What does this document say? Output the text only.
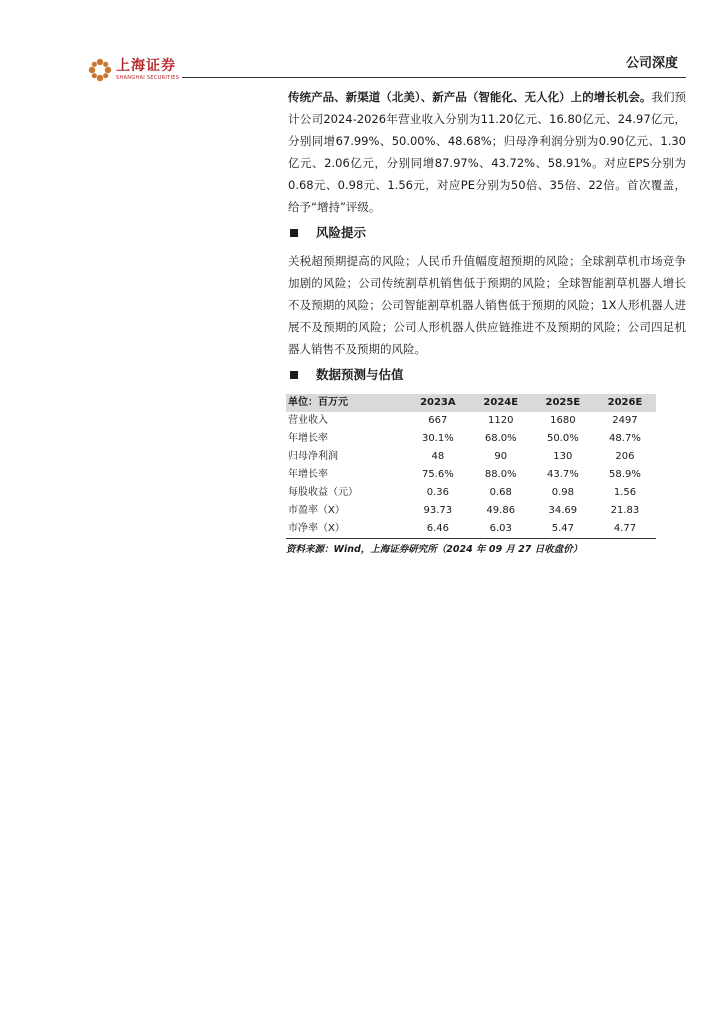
上海证券
SHANGHAI SECURITIES
公司深度

传统产品、新渠道（北美）、新产品（智能化、无人化）上的增长机会。我们预计公司2024-2026年营业收入分别为11.20亿元、16.80亿元、24.97亿元，分别同增67.99%、50.00%、48.68%；归母净利润分别为0.90亿元、1.30亿元、2.06亿元，分别同增87.97%、43.72%、58.91%。对应EPS分别为0.68元、0.98元、1.56元，对应PE分别为50倍、35倍、22倍。首次覆盖，给予“增持”评级。

风险提示

关税超预期提高的风险；人民币升值幅度超预期的风险；全球割草机市场竞争加剧的风险；公司传统割草机销售低于预期的风险；全球智能割草机器人增长不及预期的风险；公司智能割草机器人销售低于预期的风险；1X人形机器人进展不及预期的风险；公司人形机器人供应链推进不及预期的风险；公司四足机器人销售不及预期的风险。

数据预测与估值
单位：百万元	2023A	2024E	2025E	2026E
营业收入	667	1120	1680	2497
年增长率	30.1%	68.0%	50.0%	48.7%
归母净利润	48	90	130	206
年增长率	75.6%	88.0%	43.7%	58.9%
每股收益（元）	0.36	0.68	0.98	1.56
市盈率（X）	93.73	49.86	34.69	21.83
市净率（X）	6.46	6.03	5.47	4.77
资料来源：Wind，上海证券研究所（2024 年 09 月 27 日收盘价）
